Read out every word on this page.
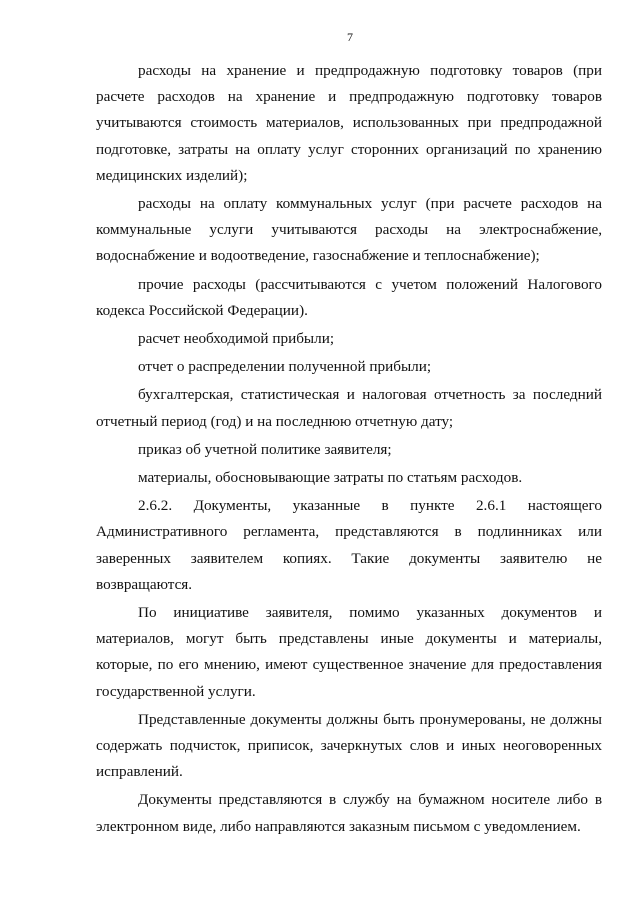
7

расходы на хранение и предпродажную подготовку товаров (при расчете расходов на хранение и предпродажную подготовку товаров учитываются стоимость материалов, использованных при предпродажной подготовке, затраты на оплату услуг сторонних организаций по хранению медицинских изделий);

расходы на оплату коммунальных услуг (при расчете расходов на коммунальные услуги учитываются расходы на электроснабжение, водоснабжение и водоотведение, газоснабжение и теплоснабжение);

прочие расходы (рассчитываются с учетом положений Налогового кодекса Российской Федерации).

расчет необходимой прибыли;

отчет о распределении полученной прибыли;

бухгалтерская, статистическая и налоговая отчетность за последний отчетный период (год) и на последнюю отчетную дату;

приказ об учетной политике заявителя;

материалы, обосновывающие затраты по статьям расходов.

2.6.2. Документы, указанные в пункте 2.6.1 настоящего Административного регламента, представляются в подлинниках или заверенных заявителем копиях. Такие документы заявителю не возвращаются.

По инициативе заявителя, помимо указанных документов и материалов, могут быть представлены иные документы и материалы, которые, по его мнению, имеют существенное значение для предоставления государственной услуги.

Представленные документы должны быть пронумерованы, не должны содержать подчисток, приписок, зачеркнутых слов и иных неоговоренных исправлений.

Документы представляются в службу на бумажном носителе либо в электронном виде, либо направляются заказным письмом с уведомлением.
